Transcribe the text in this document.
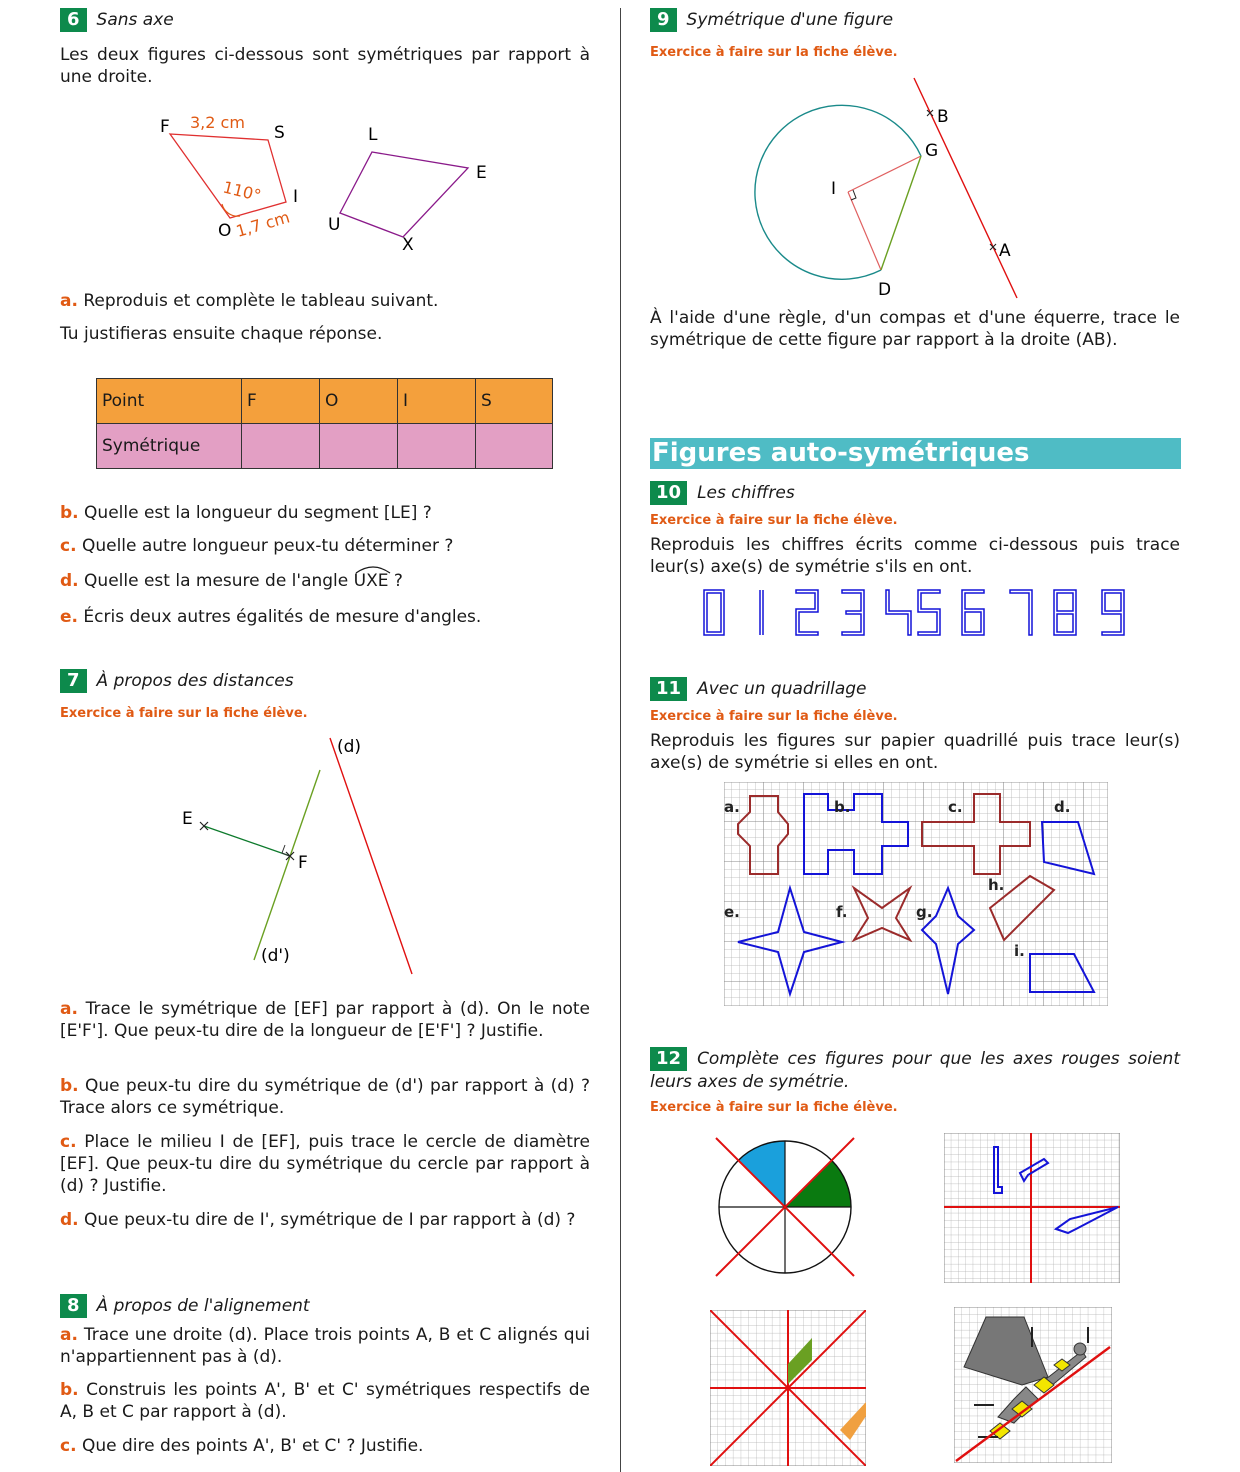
6 Sans axe
Les deux figures ci-dessous sont symétriques par rapport à une droite.
F 3,2 cm
S
110° I
O 1,7 cm
L
E
U
X
a. Reproduis et complète le tableau suivant.
Tu justifieras ensuite chaque réponse.
Point	F	O	I	S
Symétrique				
b. Quelle est la longueur du segment [LE] ?
c. Quelle autre longueur peux-tu déterminer ?
d. Quelle est la mesure de l'angle UXE
?
e. Écris deux autres égalités de mesure d'angles.
7 À propos des distances
Exercice à faire sur la fiche élève.
(d)
(d')
E
F
a. Trace le symétrique de [EF] par rapport à (d). On le note [E'F']. Que peux-tu dire de la longueur de [E'F'] ? Justifie.
b. Que peux-tu dire du symétrique de (d') par rapport à (d) ? Trace alors ce symétrique.
c. Place le milieu I de [EF], puis trace le cercle de diamètre [EF]. Que peux-tu dire du symétrique du cercle par rapport à (d) ? Justifie.
d. Que peux-tu dire de I', symétrique de I par rapport à (d) ?
8 À propos de l'alignement
a. Trace une droite (d). Place trois points A, B et C alignés qui n'appartiennent pas à (d).
b. Construis les points A', B' et C' symétriques respectifs de A, B et C par rapport à (d).
c. Que dire des points A', B' et C' ? Justifie.
9 Symétrique d'une figure
Exercice à faire sur la fiche élève.
B
G
I
A
D
À l'aide d'une règle, d'un compas et d'une équerre, trace le symétrique de cette figure par rapport à la droite (AB).
Figures auto-symétriques
10 Les chiffres
Exercice à faire sur la fiche élève.
Reproduis les chiffres écrits comme ci-dessous puis trace leur(s) axe(s) de symétrie s'ils en ont.
11 Avec un quadrillage
Exercice à faire sur la fiche élève.
Reproduis les figures sur papier quadrillé puis trace leur(s) axe(s) de symétrie si elles en ont.
a.	b.	c.	d.
e.	f.	g.
h.
i.
12 Complète ces figures pour que les axes rouges soient leurs axes de symétrie.
Exercice à faire sur la fiche élève.
